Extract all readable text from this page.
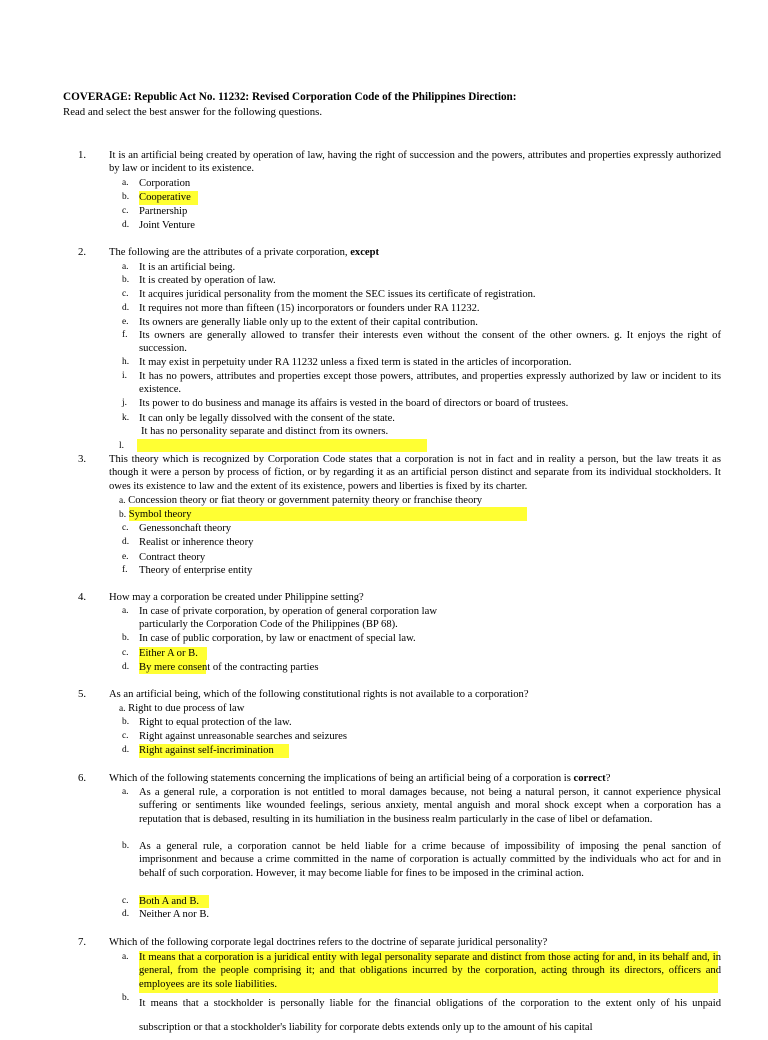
COVERAGE: Republic Act No. 11232: Revised Corporation Code of the Philippines Direction:
Read and select the best answer for the following questions.
1. It is an artificial being created by operation of law, having the right of succession and the powers, attributes and properties expressly authorized by law or incident to its existence.
a. Corporation
b. Cooperative
c. Partnership
d. Joint Venture
2. The following are the attributes of a private corporation, except
a. It is an artificial being.
b. It is created by operation of law.
c. It acquires juridical personality from the moment the SEC issues its certificate of registration.
d. It requires not more than fifteen (15) incorporators or founders under RA 11232.
e. Its owners are generally liable only up to the extent of their capital contribution.
f. Its owners are generally allowed to transfer their interests even without the consent of the other owners. g. It enjoys the right of succession.
h. It may exist in perpetuity under RA 11232 unless a fixed term is stated in the articles of incorporation.
i. It has no powers, attributes and properties except those powers, attributes, and properties expressly authorized by law or incident to its existence.
j. Its power to do business and manage its affairs is vested in the board of directors or board of trustees.
k. It can only be legally dissolved with the consent of the state.
It has no personality separate and distinct from its owners.
l.
3. This theory which is recognized by Corporation Code states that a corporation is not in fact and in reality a person, but the law treats it as though it were a person by process of fiction, or by regarding it as an artificial person distinct and separate from its individual stockholders. It owes its existence to law and the extent of its existence, powers and liberties is fixed by its charter.
a. Concession theory or fiat theory or government paternity theory or franchise theory
b. Symbol theory
c. Genessonchaft theory
d. Realist or inherence theory
e. Contract theory
f. Theory of enterprise entity
4. How may a corporation be created under Philippine setting?
a. In case of private corporation, by operation of general corporation law particularly the Corporation Code of the Philippines (BP 68).
b. In case of public corporation, by law or enactment of special law.
c. Either A or B.
d. By mere consent of the contracting parties
5. As an artificial being, which of the following constitutional rights is not available to a corporation?
a. Right to due process of law
b. Right to equal protection of the law.
c. Right against unreasonable searches and seizures
d. Right against self-incrimination
6. Which of the following statements concerning the implications of being an artificial being of a corporation is correct?
a. As a general rule, a corporation is not entitled to moral damages because, not being a natural person, it cannot experience physical suffering or sentiments like wounded feelings, serious anxiety, mental anguish and moral shock except when a corporation has a reputation that is debased, resulting in its humiliation in the business realm particularly in the case of libel or defamation.
b. As a general rule, a corporation cannot be held liable for a crime because of impossibility of imposing the penal sanction of imprisonment and because a crime committed in the name of corporation is actually committed by the individuals who act for and in behalf of such corporation. However, it may become liable for fines to be imposed in the criminal action.
c. Both A and B.
d. Neither A nor B.
7. Which of the following corporate legal doctrines refers to the doctrine of separate juridical personality?
a. It means that a corporation is a juridical entity with legal personality separate and distinct from those acting for and, in its behalf and, in general, from the people comprising it; and that obligations incurred by the corporation, acting through its directors, officers and employees are its sole liabilities.
b. It means that a stockholder is personally liable for the financial obligations of the corporation to the extent only of his unpaid subscription or that a stockholder's liability for corporate debts extends only up to the amount of his capital
